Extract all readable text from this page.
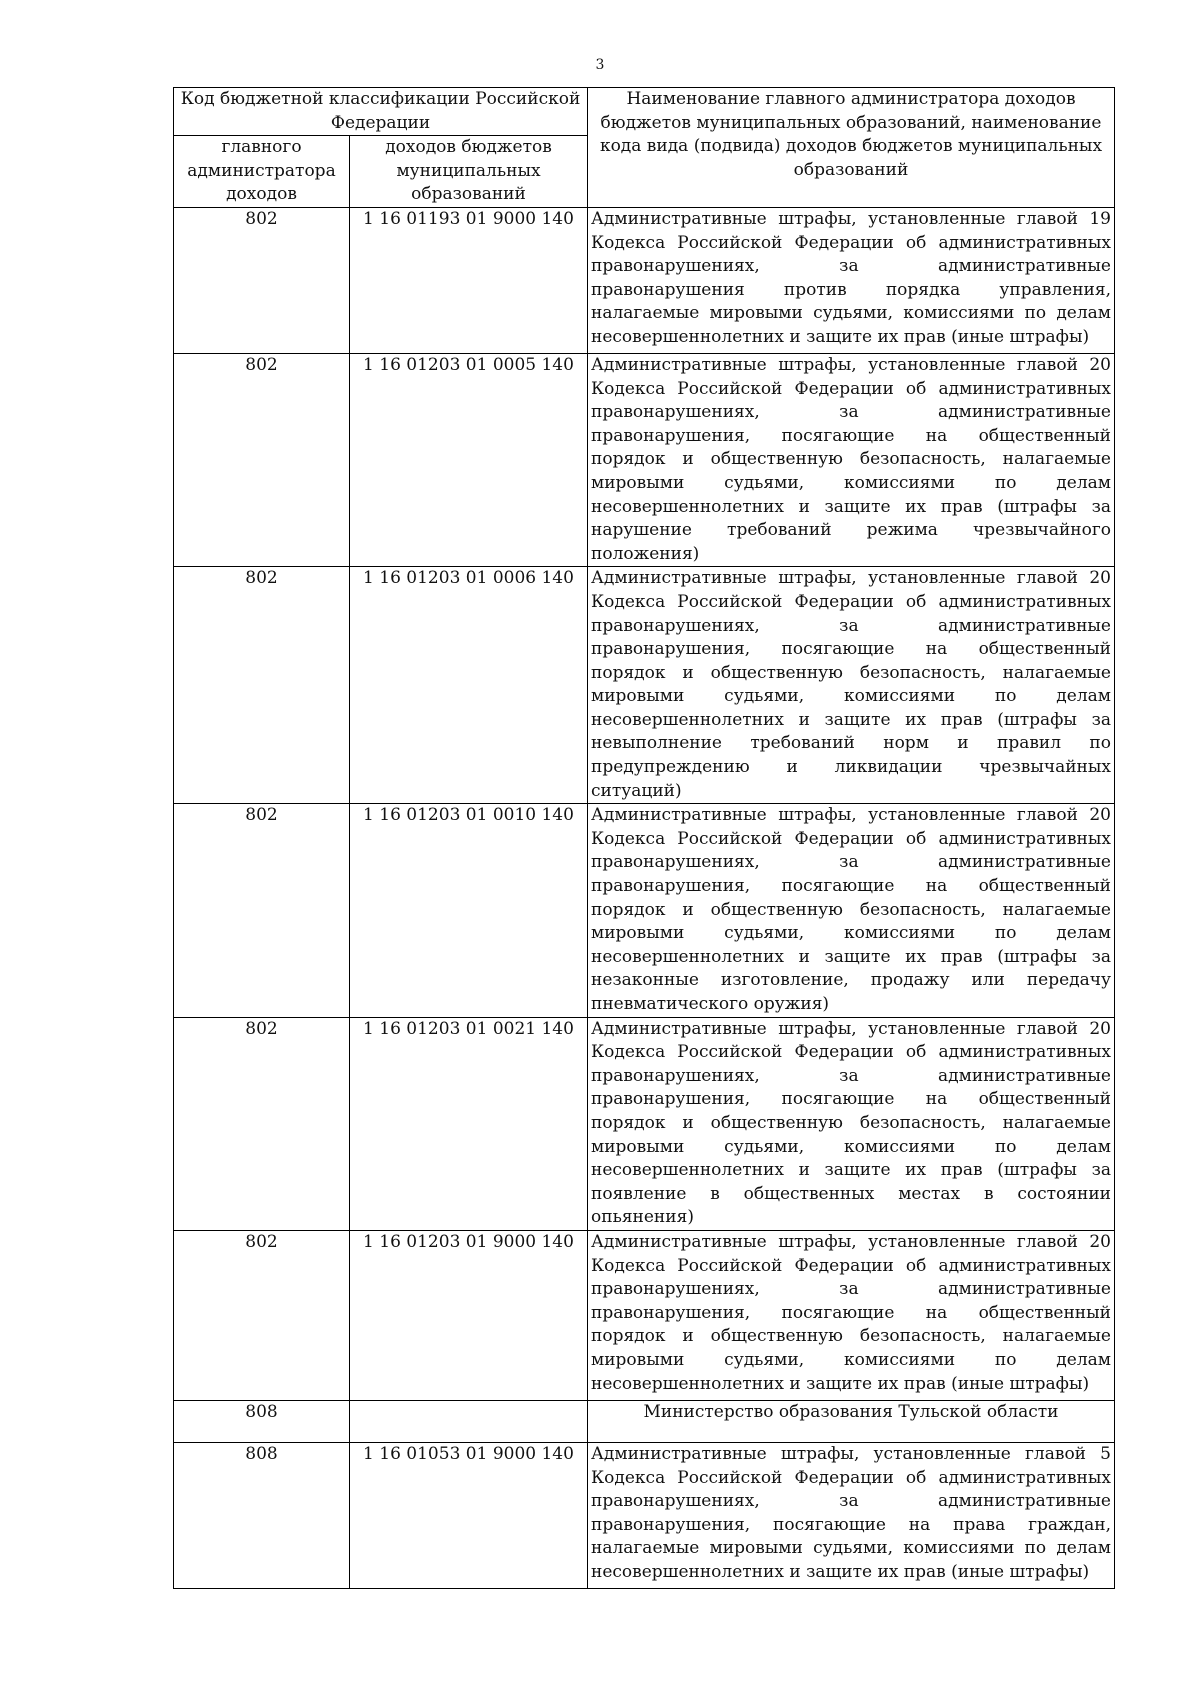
3
Код бюджетной классификации Российской Федерации		Наименование главного администратора доходов бюджетов муниципальных образований, наименование кода вида (подвида) доходов бюджетов муниципальных образований
главного администратора доходов	доходов бюджетов муниципальных образований	
802	1 16 01193 01 9000 140	Административные штрафы, установленные главой 19 Кодекса Российской Федерации об административных правонарушениях, за административные правонарушения против порядка управления, налагаемые мировыми судьями, комиссиями по делам несовершеннолетних и защите их прав (иные штрафы)
802	1 16 01203 01 0005 140	Административные штрафы, установленные главой 20 Кодекса Российской Федерации об административных правонарушениях, за административные правонарушения, посягающие на общественный порядок и общественную безопасность, налагаемые мировыми судьями, комиссиями по делам несовершеннолетних и защите их прав (штрафы за нарушение требований режима чрезвычайного положения)
802	1 16 01203 01 0006 140	Административные штрафы, установленные главой 20 Кодекса Российской Федерации об административных правонарушениях, за административные правонарушения, посягающие на общественный порядок и общественную безопасность, налагаемые мировыми судьями, комиссиями по делам несовершеннолетних и защите их прав (штрафы за невыполнение требований норм и правил по предупреждению и ликвидации чрезвычайных ситуаций)
802	1 16 01203 01 0010 140	Административные штрафы, установленные главой 20 Кодекса Российской Федерации об административных правонарушениях, за административные правонарушения, посягающие на общественный порядок и общественную безопасность, налагаемые мировыми судьями, комиссиями по делам несовершеннолетних и защите их прав (штрафы за незаконные изготовление, продажу или передачу пневматического оружия)
802	1 16 01203 01 0021 140	Административные штрафы, установленные главой 20 Кодекса Российской Федерации об административных правонарушениях, за административные правонарушения, посягающие на общественный порядок и общественную безопасность, налагаемые мировыми судьями, комиссиями по делам несовершеннолетних и защите их прав (штрафы за появление в общественных местах в состоянии опьянения)
802	1 16 01203 01 9000 140	Административные штрафы, установленные главой 20 Кодекса Российской Федерации об административных правонарушениях, за административные правонарушения, посягающие на общественный порядок и общественную безопасность, налагаемые мировыми судьями, комиссиями по делам несовершеннолетних и защите их прав (иные штрафы)
808		Министерство образования Тульской области
808	1 16 01053 01 9000 140	Административные штрафы, установленные главой 5 Кодекса Российской Федерации об административных правонарушениях, за административные правонарушения, посягающие на права граждан, налагаемые мировыми судьями, комиссиями по делам несовершеннолетних и защите их прав (иные штрафы)
